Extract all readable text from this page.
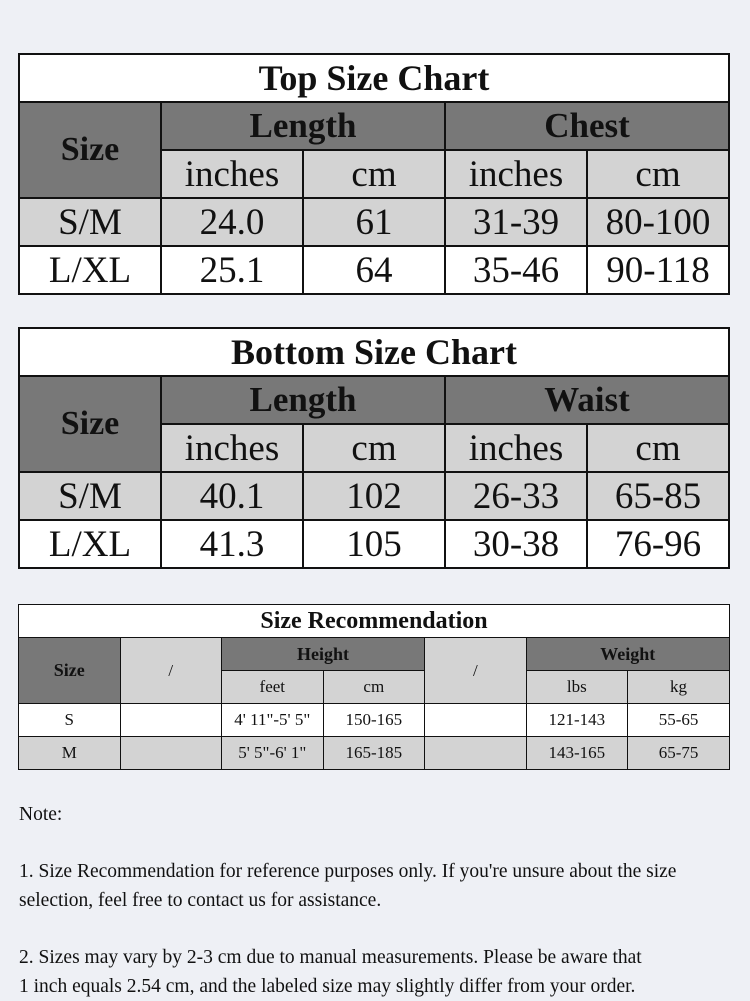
Top Size Chart				
Size	Length		Chest	
	inches	cm	inches	cm
S/M	24.0	61	31-39	80-100
L/XL	25.1	64	35-46	90-118
Bottom Size Chart				
Size	Length		Waist	
	inches	cm	inches	cm
S/M	40.1	102	26-33	65-85
L/XL	41.3	105	30-38	76-96
Size Recommendation						
Size	/	Height		/	Weight	
		feet	cm		lbs	kg
S		4' 11"-5' 5"	150-165		121-143	55-65
M		5' 5"-6' 1"	165-185		143-165	65-75

Note:

1. Size Recommendation for reference purposes only. If you're unsure about the size

selection, feel free to contact us for assistance.

2. Sizes may vary by 2-3 cm due to manual measurements. Please be aware that

1 inch equals 2.54 cm, and the labeled size may slightly differ from your order.
